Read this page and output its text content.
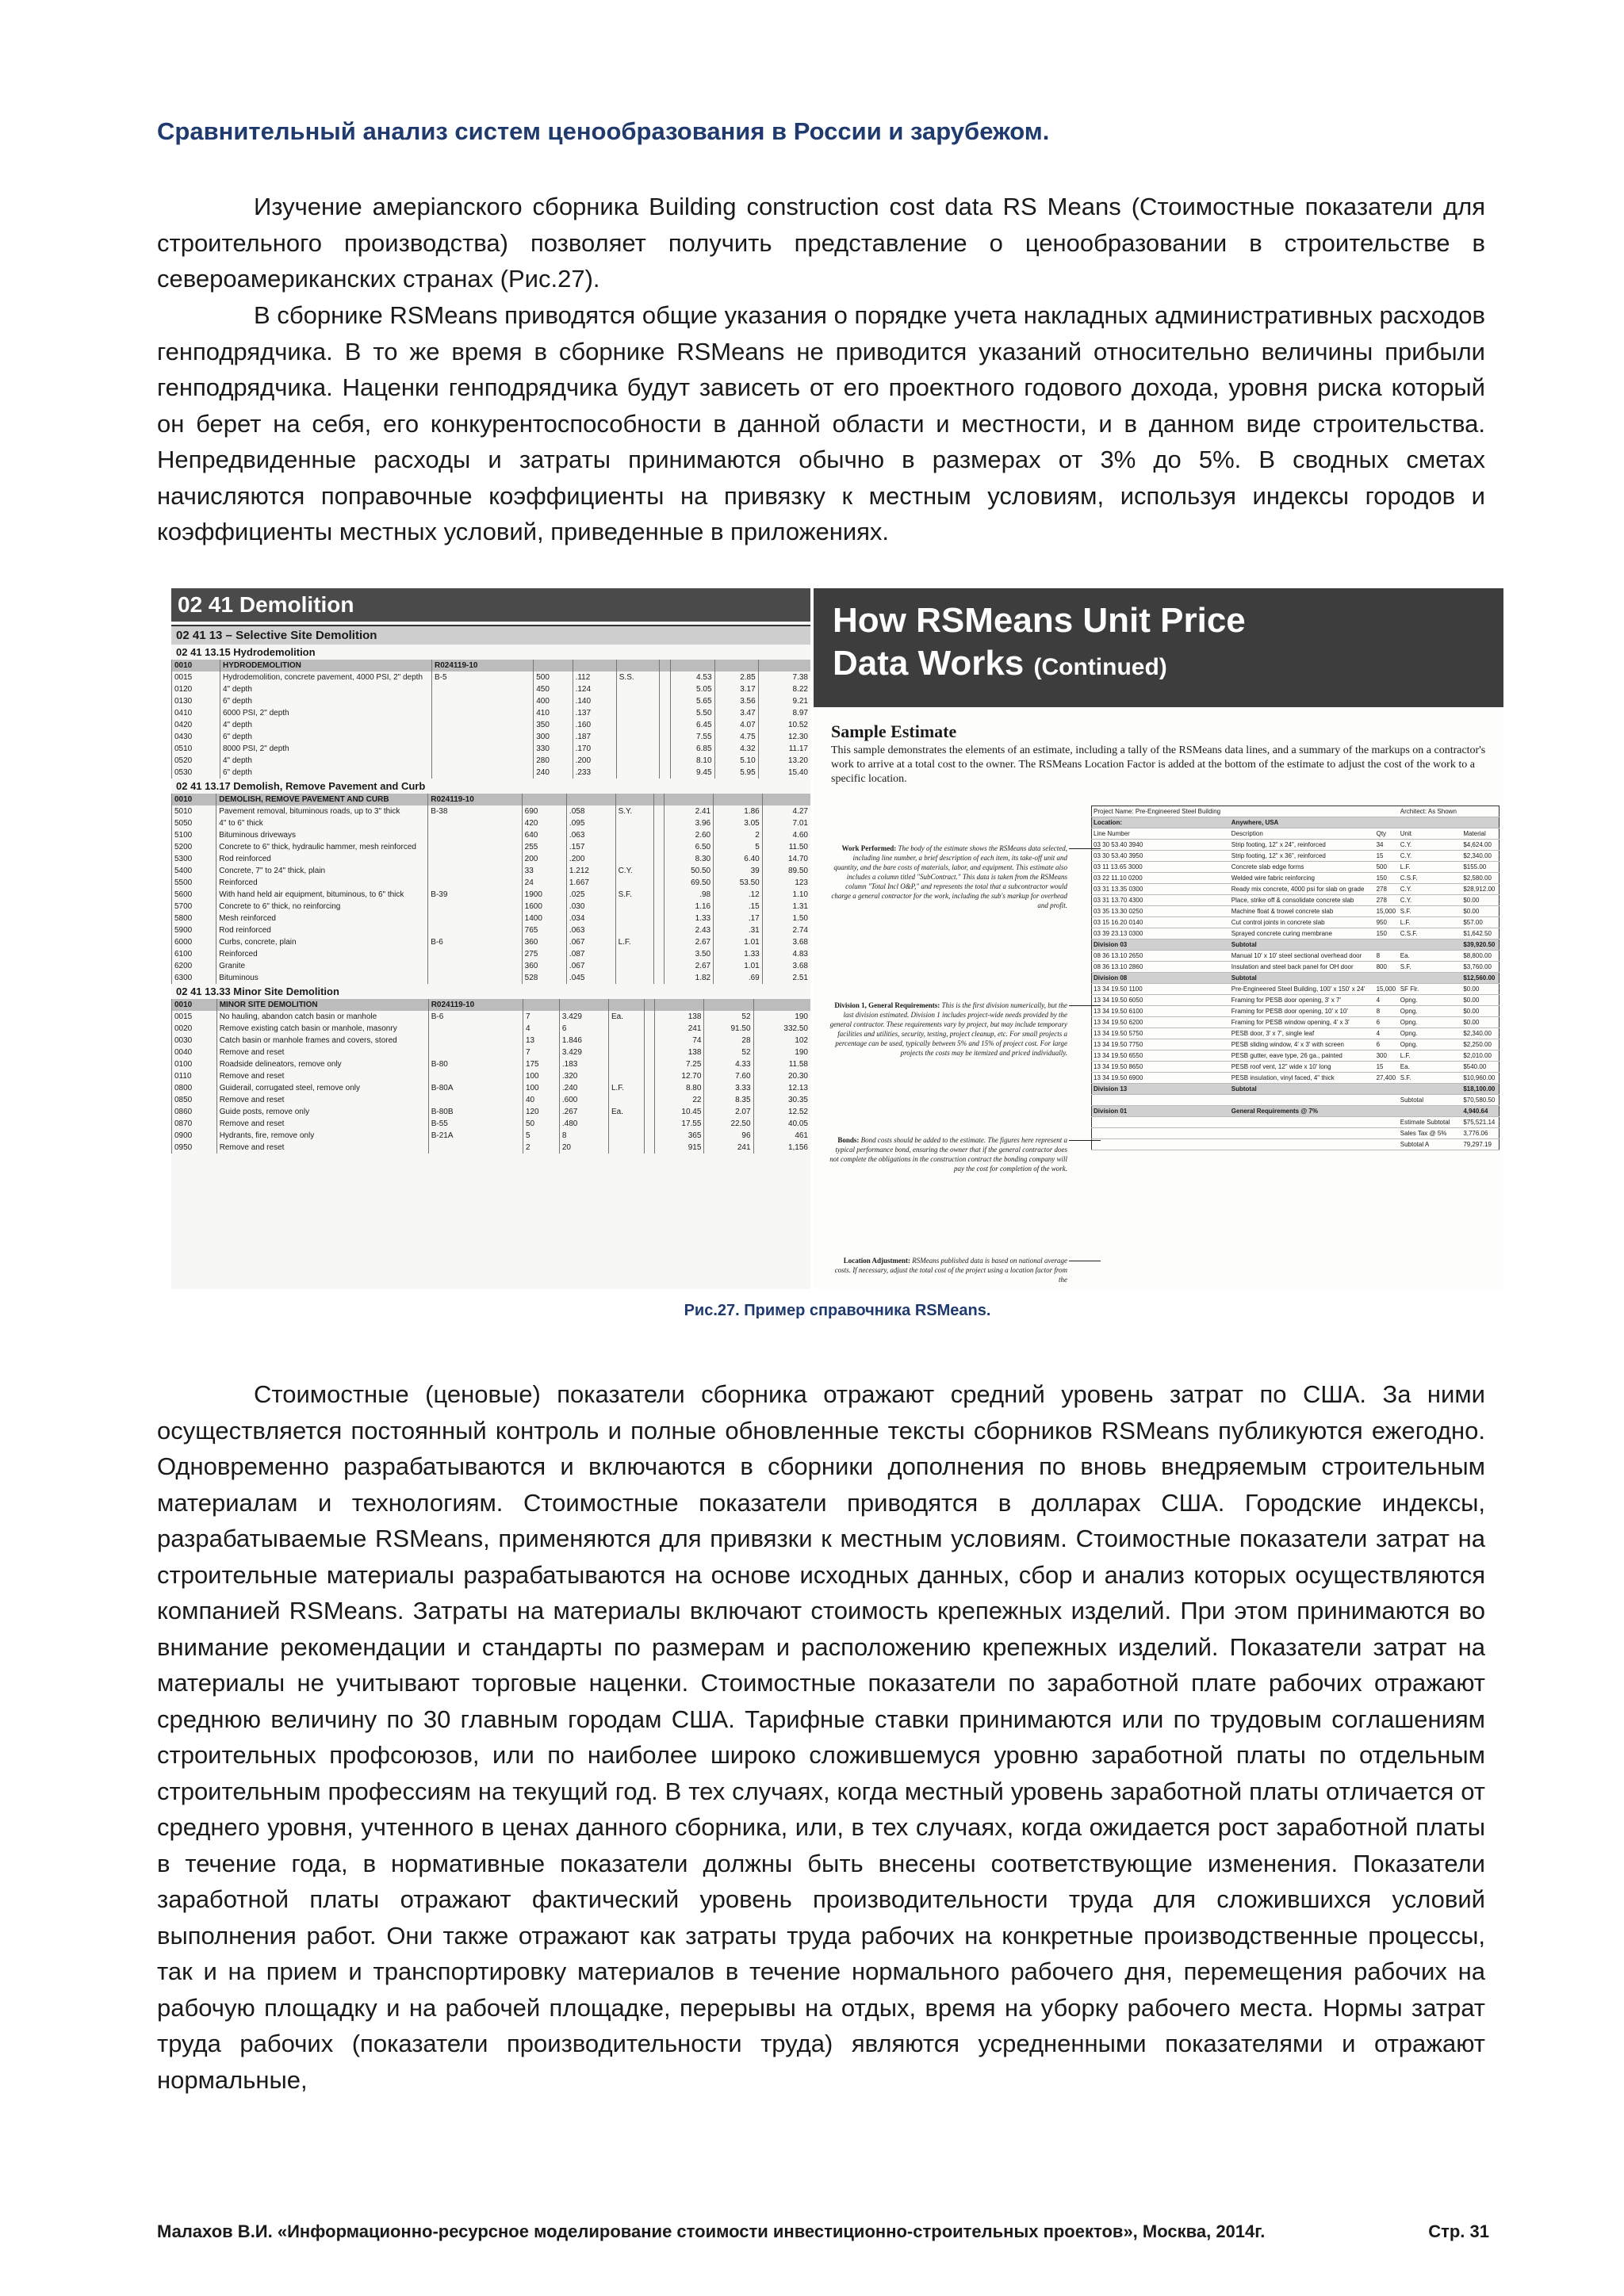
Сравнительный анализ систем ценообразования в России и зарубежом.

Изучение амерianского сборника Building construction cost data RS Means (Стоимостные показатели для строительного производства) позволяет получить представление о ценообразовании в строительстве в североамериканских странах (Рис.27).

В сборнике RSMeans приводятся общие указания о порядке учета накладных административных расходов генподрядчика. В то же время в сборнике RSMeans не приводится указаний относительно величины прибыли генподрядчика. Наценки генподрядчика будут зависеть от его проектного годового дохода, уровня риска который он берет на себя, его конкурентоспособности в данной области и местности, и в данном виде строительства. Непредвиденные расходы и затраты принимаются обычно в размерах от 3% до 5%. В сводных сметах начисляются поправочные коэффициенты на привязку к местным условиям, используя индексы городов и коэффициенты местных условий, приведенные в приложениях.

02 41 Demolition
02 41 13 – Selective Site Demolition
02 41 13.15 Hydrodemolition
0010	HYDRODEMOLITION	R024119-10							
0015	Hydrodemolition, concrete pavement, 4000 PSI, 2" depth	B-5	500	.112	S.S.		4.53	2.85	7.38
0120	4" depth		450	.124			5.05	3.17	8.22
0130	6" depth		400	.140			5.65	3.56	9.21
0410	6000 PSI, 2" depth		410	.137			5.50	3.47	8.97
0420	4" depth		350	.160			6.45	4.07	10.52
0430	6" depth		300	.187			7.55	4.75	12.30
0510	8000 PSI, 2" depth		330	.170			6.85	4.32	11.17
0520	4" depth		280	.200			8.10	5.10	13.20
0530	6" depth		240	.233			9.45	5.95	15.40
02 41 13.17 Demolish, Remove Pavement and Curb
0010	DEMOLISH, REMOVE PAVEMENT AND CURB	R024119-10							
5010	Pavement removal, bituminous roads, up to 3" thick	B-38	690	.058	S.Y.		2.41	1.86	4.27
5050	4" to 6" thick		420	.095			3.96	3.05	7.01
5100	Bituminous driveways		640	.063			2.60	2	4.60
5200	Concrete to 6" thick, hydraulic hammer, mesh reinforced		255	.157			6.50	5	11.50
5300	Rod reinforced		200	.200			8.30	6.40	14.70
5400	Concrete, 7" to 24" thick, plain		33	1.212	C.Y.		50.50	39	89.50
5500	Reinforced		24	1.667			69.50	53.50	123
5600	With hand held air equipment, bituminous, to 6" thick	B-39	1900	.025	S.F.		.98	.12	1.10
5700	Concrete to 6" thick, no reinforcing		1600	.030			1.16	.15	1.31
5800	Mesh reinforced		1400	.034			1.33	.17	1.50
5900	Rod reinforced		765	.063			2.43	.31	2.74
6000	Curbs, concrete, plain	B-6	360	.067	L.F.		2.67	1.01	3.68
6100	Reinforced		275	.087			3.50	1.33	4.83
6200	Granite		360	.067			2.67	1.01	3.68
6300	Bituminous		528	.045			1.82	.69	2.51
02 41 13.33 Minor Site Demolition
0010	MINOR SITE DEMOLITION	R024119-10							
0015	No hauling, abandon catch basin or manhole	B-6	7	3.429	Ea.		138	52	190
0020	Remove existing catch basin or manhole, masonry		4	6			241	91.50	332.50
0030	Catch basin or manhole frames and covers, stored		13	1.846			74	28	102
0040	Remove and reset		7	3.429			138	52	190
0100	Roadside delineators, remove only	B-80	175	.183			7.25	4.33	11.58
0110	Remove and reset		100	.320			12.70	7.60	20.30
0800	Guiderail, corrugated steel, remove only	B-80A	100	.240	L.F.		8.80	3.33	12.13
0850	Remove and reset		40	.600			22	8.35	30.35
0860	Guide posts, remove only	B-80B	120	.267	Ea.		10.45	2.07	12.52
0870	Remove and reset	B-55	50	.480			17.55	22.50	40.05
0900	Hydrants, fire, remove only	B-21A	5	8			365	96	461
0950	Remove and reset		2	20			915	241	1,156
How RSMeans Unit Price
Data Works (Continued)
Sample Estimate
This sample demonstrates the elements of an estimate, including a tally of the RSMeans data lines, and a summary of the markups on a contractor's work to arrive at a total cost to the owner. The RSMeans Location Factor is added at the bottom of the estimate to adjust the cost of the work to a specific location.
Project Name: Pre-Engineered Steel Building			Architect: As Shown	
Location:	Anywhere, USA			
Line Number	Description	Qty	Unit	Material
03 30 53.40 3940	Strip footing, 12" x 24", reinforced	34	C.Y.	$4,624.00
03 30 53.40 3950	Strip footing, 12" x 36", reinforced	15	C.Y.	$2,340.00
03 11 13.65 3000	Concrete slab edge forms	500	L.F.	$155.00
03 22 11.10 0200	Welded wire fabric reinforcing	150	C.S.F.	$2,580.00
03 31 13.35 0300	Ready mix concrete, 4000 psi for slab on grade	278	C.Y.	$28,912.00
03 31 13.70 4300	Place, strike off & consolidate concrete slab	278	C.Y.	$0.00
03 35 13.30 0250	Machine float & trowel concrete slab	15,000	S.F.	$0.00
03 15 16.20 0140	Cut control joints in concrete slab	950	L.F.	$57.00
03 39 23.13 0300	Sprayed concrete curing membrane	150	C.S.F.	$1,642.50
Division 03	Subtotal			$39,920.50
08 36 13.10 2650	Manual 10' x 10' steel sectional overhead door	8	Ea.	$8,800.00
08 36 13.10 2860	Insulation and steel back panel for OH door	800	S.F.	$3,760.00
Division 08	Subtotal			$12,560.00
13 34 19.50 1100	Pre-Engineered Steel Building, 100' x 150' x 24'	15,000	SF Flr.	$0.00
13 34 19.50 6050	Framing for PESB door opening, 3' x 7'	4	Opng.	$0.00
13 34 19.50 6100	Framing for PESB door opening, 10' x 10'	8	Opng.	$0.00
13 34 19.50 6200	Framing for PESB window opening, 4' x 3'	6	Opng.	$0.00
13 34 19.50 5750	PESB door, 3' x 7', single leaf	4	Opng.	$2,340.00
13 34 19.50 7750	PESB sliding window, 4' x 3' with screen	6	Opng.	$2,250.00
13 34 19.50 6550	PESB gutter, eave type, 26 ga., painted	300	L.F.	$2,010.00
13 34 19.50 8650	PESB roof vent, 12" wide x 10' long	15	Ea.	$540.00
13 34 19.50 6900	PESB insulation, vinyl faced, 4" thick	27,400	S.F.	$10,960.00
Division 13	Subtotal			$18,100.00
			Subtotal	$70,580.50
Division 01	General Requirements @ 7%			4,940.64
			Estimate Subtotal	$75,521.14
			Sales Tax @ 5%	3,776.06
			Subtotal A	79,297.19
Work Performed: The body of the estimate shows the RSMeans data selected, including line number, a brief description of each item, its take-off unit and quantity, and the bare costs of materials, labor, and equipment. This estimate also includes a column titled "SubContract." This data is taken from the RSMeans column "Total Incl O&P," and represents the total that a subcontractor would charge a general contractor for the work, including the sub's markup for overhead and profit.
Division 1, General Requirements: This is the first division numerically, but the last division estimated. Division 1 includes project-wide needs provided by the general contractor. These requirements vary by project, but may include temporary facilities and utilities, security, testing, project cleanup, etc. For small projects a percentage can be used, typically between 5% and 15% of project cost. For large projects the costs may be itemized and priced individually.
Bonds: Bond costs should be added to the estimate. The figures here represent a typical performance bond, ensuring the owner that if the general contractor does not complete the obligations in the construction contract the bonding company will pay the cost for completion of the work.
Location Adjustment: RSMeans published data is based on national average costs. If necessary, adjust the total cost of the project using a location factor from the
Рис.27. Пример справочника RSMeans.

Стоимостные (ценовые) показатели сборника отражают средний уровень затрат по США. За ними осуществляется постоянный контроль и полные обновленные тексты сборников RSMeans публикуются ежегодно. Одновременно разрабатываются и включаются в сборники дополнения по вновь внедряемым строительным материалам и технологиям. Стоимостные показатели приводятся в долларах США. Городские индексы, разрабатываемые RSMeans, применяются для привязки к местным условиям. Стоимостные показатели затрат на строительные материалы разрабатываются на основе исходных данных, сбор и анализ которых осуществляются компанией RSMeans. Затраты на материалы включают стоимость крепежных изделий. При этом принимаются во внимание рекомендации и стандарты по размерам и расположению крепежных изделий. Показатели затрат на материалы не учитывают торговые наценки. Стоимостные показатели по заработной плате рабочих отражают среднюю величину по 30 главным городам США. Тарифные ставки принимаются или по трудовым соглашениям строительных профсоюзов, или по наиболее широко сложившемуся уровню заработной платы по отдельным строительным профессиям на текущий год. В тех случаях, когда местный уровень заработной платы отличается от среднего уровня, учтенного в ценах данного сборника, или, в тех случаях, когда ожидается рост заработной платы в течение года, в нормативные показатели должны быть внесены соответствующие изменения. Показатели заработной платы отражают фактический уровень производительности труда для сложившихся условий выполнения работ. Они также отражают как затраты труда рабочих на конкретные производственные процессы, так и на прием и транспортировку материалов в течение нормального рабочего дня, перемещения рабочих на рабочую площадку и на рабочей площадке, перерывы на отдых, время на уборку рабочего места. Нормы затрат труда рабочих (показатели производительности труда) являются усредненными показателями и отражают нормальные,

Малахов В.И. «Информационно-ресурсное моделирование стоимости инвестиционно-строительных проектов», Москва, 2014г.	Стр. 31
